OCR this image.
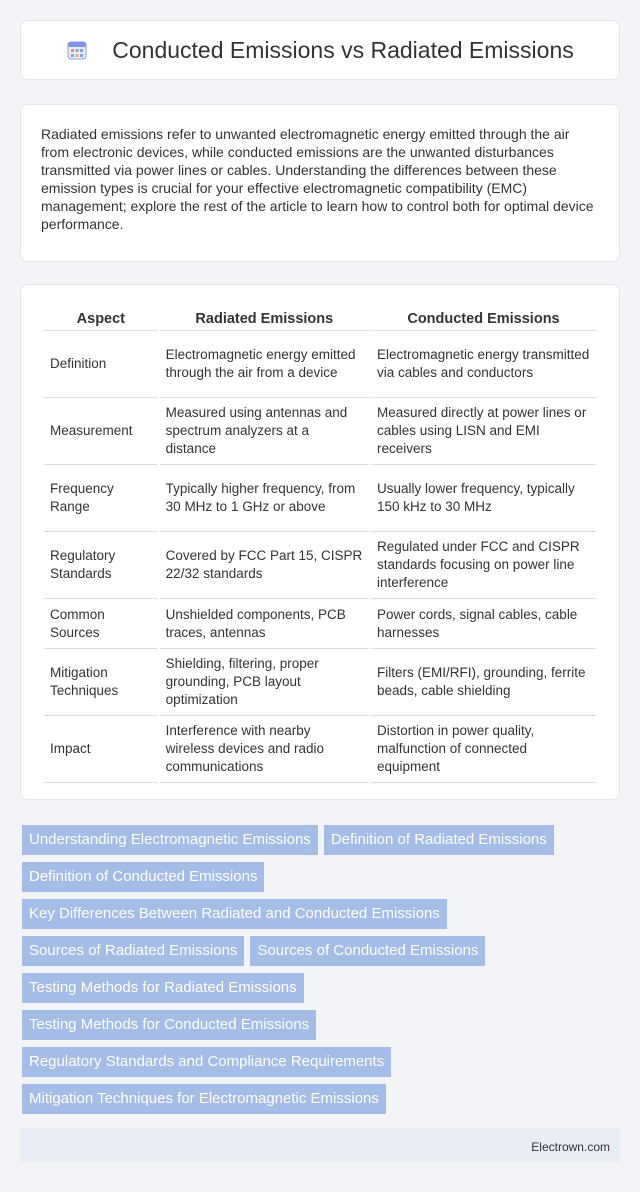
Conducted Emissions vs Radiated Emissions

Radiated emissions refer to unwanted electromagnetic energy emitted through the air from electronic devices, while conducted emissions are the unwanted disturbances transmitted via power lines or cables. Understanding the differences between these emission types is crucial for your effective electromagnetic compatibility (EMC) management; explore the rest of the article to learn how to control both for optimal device performance.

Aspect	Radiated Emissions	Conducted Emissions
Definition	Electromagnetic energy emitted through the air from a device	Electromagnetic energy transmitted via cables and conductors
Measurement	Measured using antennas and spectrum analyzers at a distance	Measured directly at power lines or cables using LISN and EMI receivers
Frequency Range	Typically higher frequency, from 30 MHz to 1 GHz or above	Usually lower frequency, typically 150 kHz to 30 MHz
Regulatory Standards	Covered by FCC Part 15, CISPR 22/32 standards	Regulated under FCC and CISPR standards focusing on power line interference
Common Sources	Unshielded components, PCB traces, antennas	Power cords, signal cables, cable harnesses
Mitigation Techniques	Shielding, filtering, proper grounding, PCB layout optimization	Filters (EMI/RFI), grounding, ferrite beads, cable shielding
Impact	Interference with nearby wireless devices and radio communications	Distortion in power quality, malfunction of connected equipment
Understanding Electromagnetic Emissions Definition of Radiated Emissions
Definition of Conducted Emissions
Key Differences Between Radiated and Conducted Emissions
Sources of Radiated Emissions Sources of Conducted Emissions
Testing Methods for Radiated Emissions
Testing Methods for Conducted Emissions
Regulatory Standards and Compliance Requirements
Mitigation Techniques for Electromagnetic Emissions
Electrown.com
